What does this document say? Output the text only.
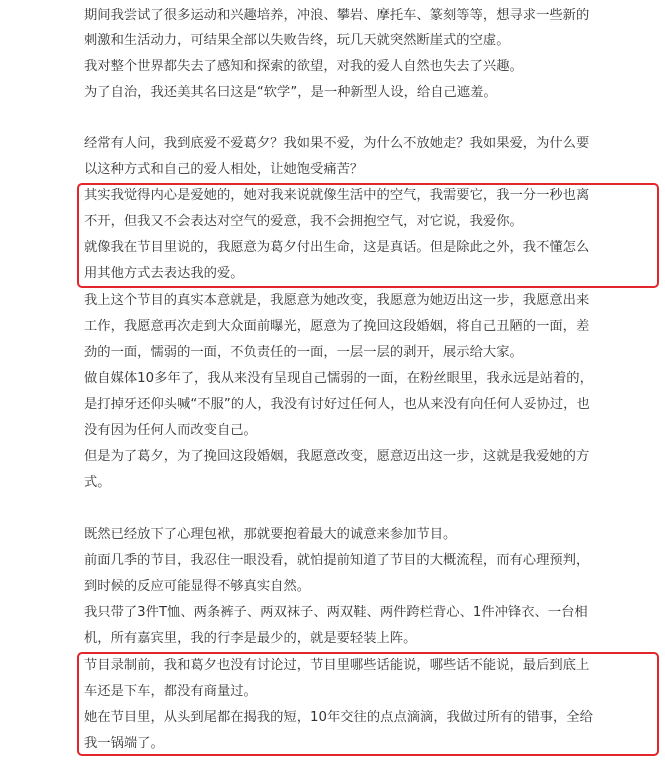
期间我尝试了很多运动和兴趣培养，冲浪、攀岩、摩托车、篆刻等等，想寻求一些新的
刺激和生活动力，可结果全部以失败告终，玩几天就突然断崖式的空虚。
我对整个世界都失去了感知和探索的欲望，对我的爱人自然也失去了兴趣。
为了自治，我还美其名曰这是“软学”，是一种新型人设，给自己遮羞。
经常有人问，我到底爱不爱葛夕？我如果不爱，为什么不放她走？我如果爱，为什么要
以这种方式和自己的爱人相处，让她饱受痛苦？
其实我觉得内心是爱她的，她对我来说就像生活中的空气，我需要它，我一分一秒也离
不开，但我又不会表达对空气的爱意，我不会拥抱空气，对它说，我爱你。
就像我在节目里说的，我愿意为葛夕付出生命，这是真话。但是除此之外，我不懂怎么
用其他方式去表达我的爱。
我上这个节目的真实本意就是，我愿意为她改变，我愿意为她迈出这一步，我愿意出来
工作，我愿意再次走到大众面前曝光，愿意为了挽回这段婚姻，将自己丑陋的一面，差
劲的一面，懦弱的一面，不负责任的一面，一层一层的剥开，展示给大家。
做自媒体10多年了，我从来没有呈现自己懦弱的一面，在粉丝眼里，我永远是站着的，
是打掉牙还仰头喊“不服”的人，我没有讨好过任何人，也从来没有向任何人妥协过，也
没有因为任何人而改变自己。
但是为了葛夕，为了挽回这段婚姻，我愿意改变，愿意迈出这一步，这就是我爱她的方
式。
既然已经放下了心理包袱，那就要抱着最大的诚意来参加节目。
前面几季的节目，我忍住一眼没看，就怕提前知道了节目的大概流程，而有心理预判，
到时候的反应可能显得不够真实自然。
我只带了3件T恤、两条裤子、两双袜子、两双鞋、两件跨栏背心、1件冲锋衣、一台相
机，所有嘉宾里，我的行李是最少的，就是要轻装上阵。
节目录制前，我和葛夕也没有讨论过，节目里哪些话能说，哪些话不能说，最后到底上
车还是下车，都没有商量过。
她在节目里，从头到尾都在揭我的短，10年交往的点点滴滴，我做过所有的错事，全给
我一锅端了。
